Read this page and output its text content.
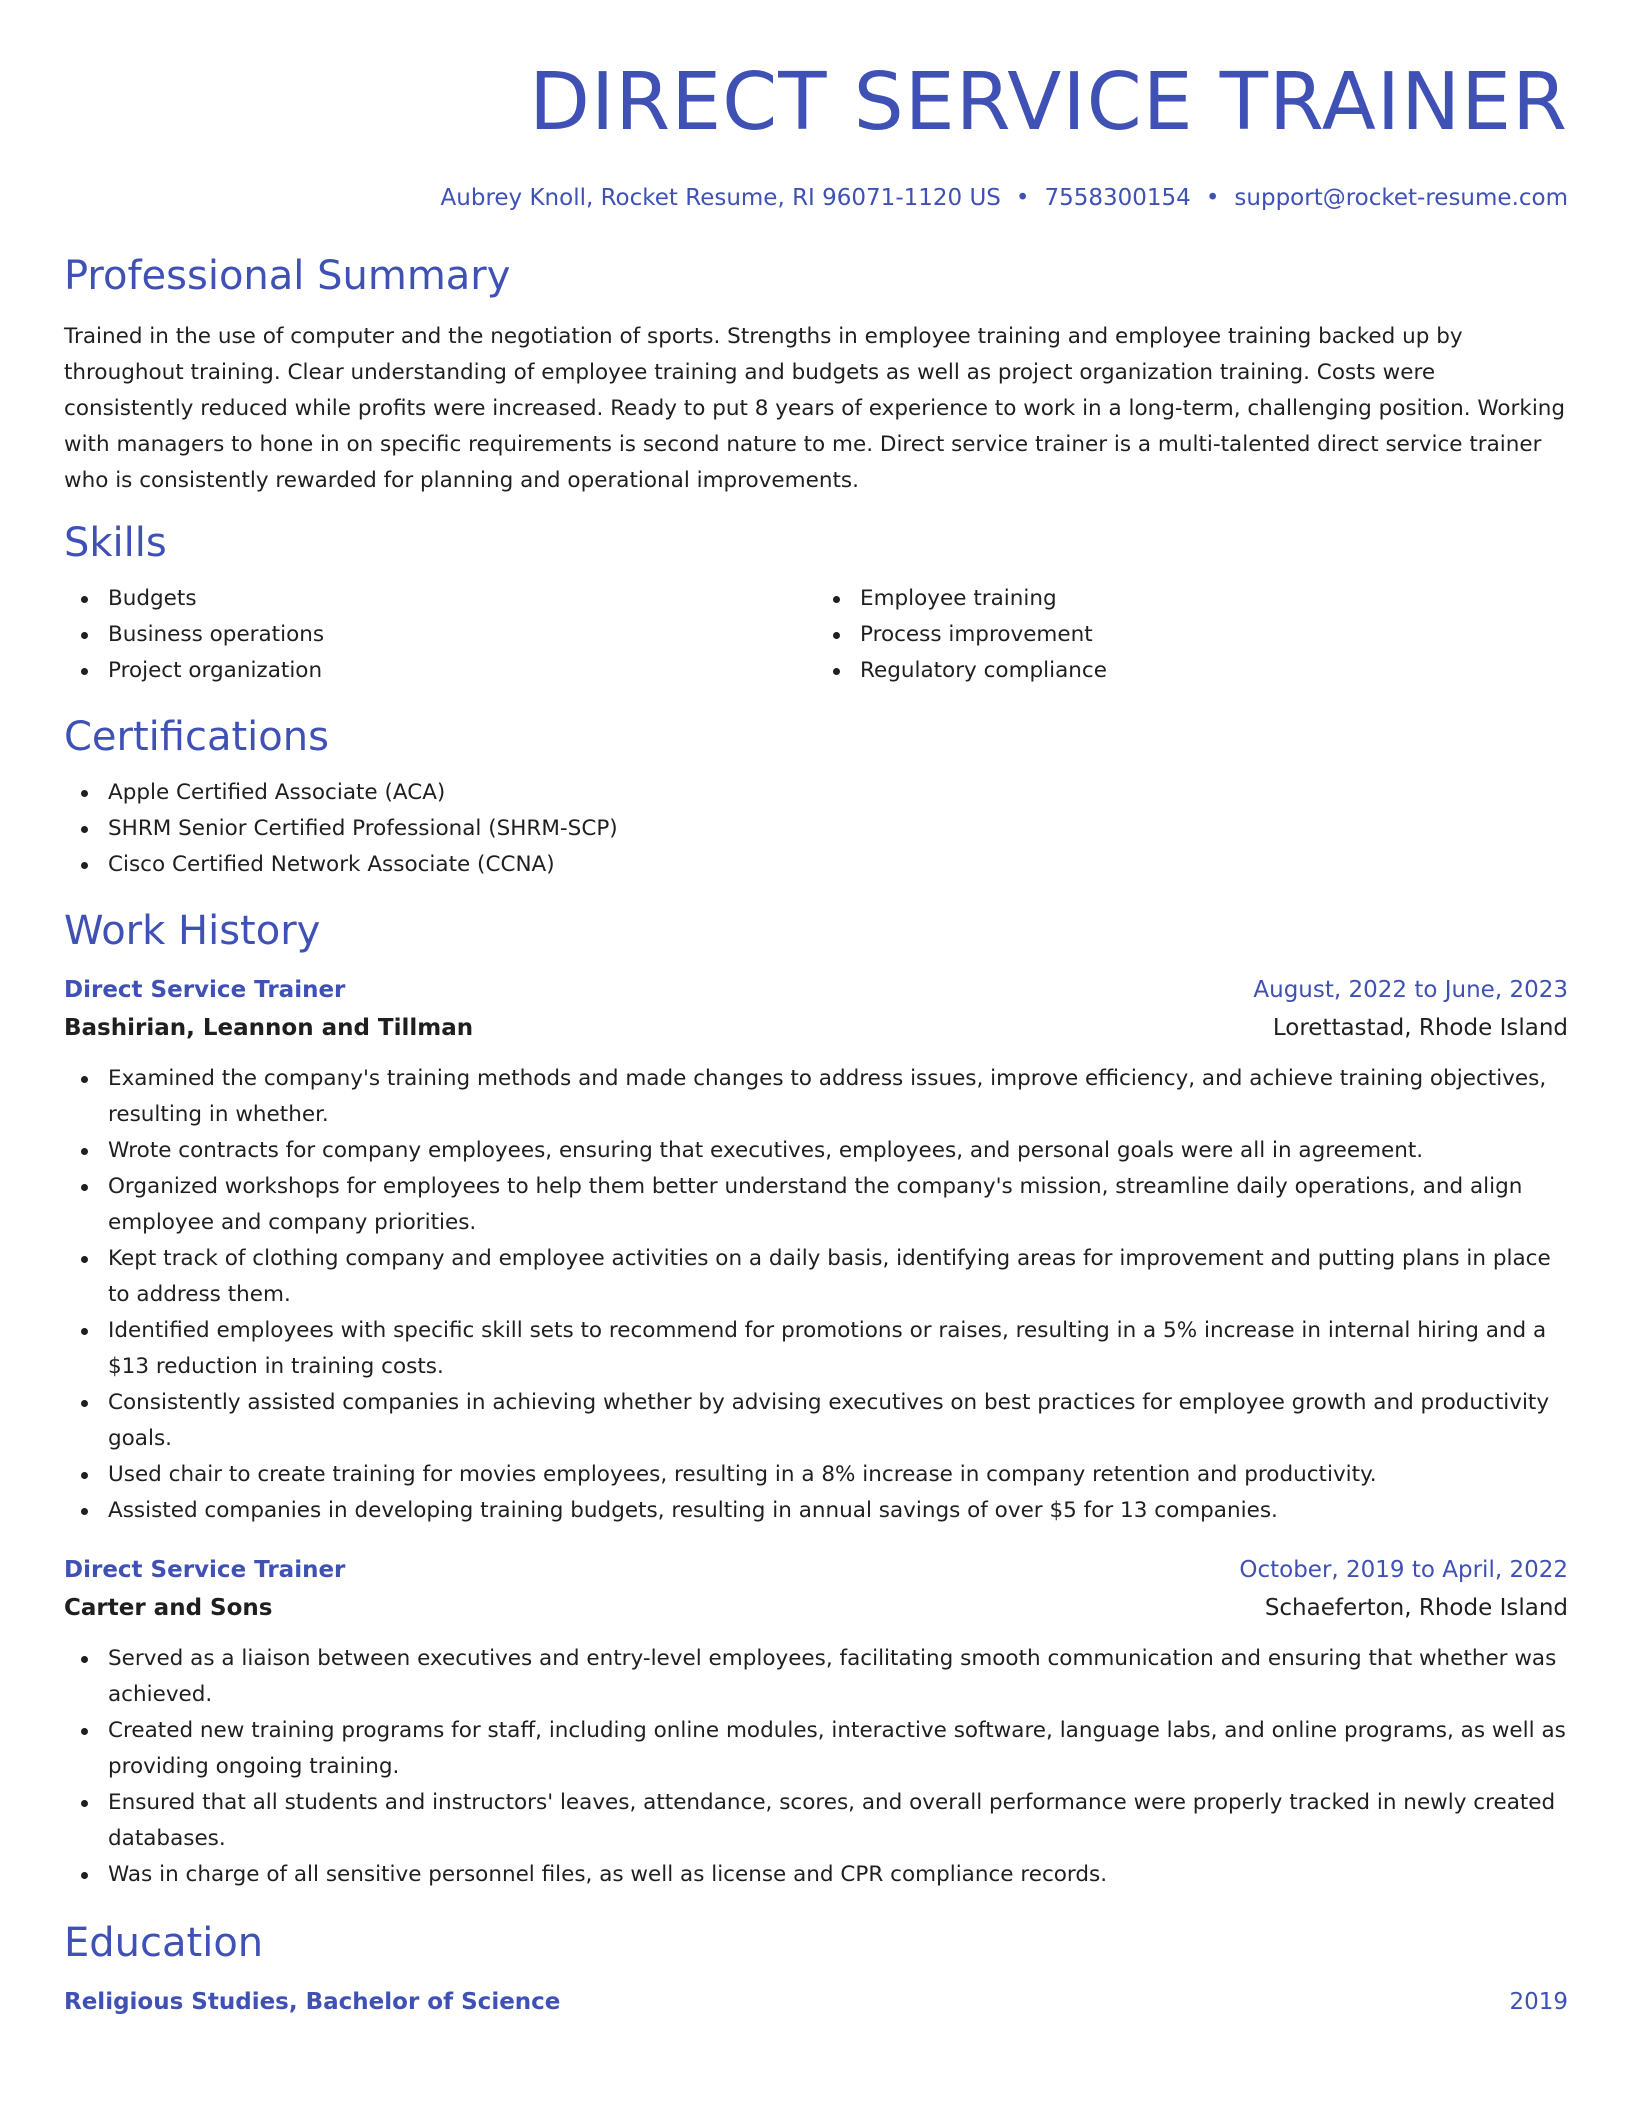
DIRECT SERVICE TRAINER
Aubrey Knoll, Rocket Resume, RI 96071-1120 US • 7558300154 • support@rocket-resume.com
Professional Summary

Trained in the use of computer and the negotiation of sports. Strengths in employee training and employee training backed up by throughout training. Clear understanding of employee training and budgets as well as project organization training. Costs were consistently reduced while profits were increased. Ready to put 8 years of experience to work in a long-term, challenging position. Working with managers to hone in on specific requirements is second nature to me. Direct service trainer is a multi-talented direct service trainer who is consistently rewarded for planning and operational improvements.

Skills
Budgets
Business operations
Project organization
Employee training
Process improvement
Regulatory compliance
Certifications
Apple Certified Associate (ACA)
SHRM Senior Certified Professional (SHRM-SCP)
Cisco Certified Network Associate (CCNA)
Work History
Direct Service Trainer	August, 2022 to June, 2023
Bashirian, Leannon and Tillman	Lorettastad, Rhode Island
Examined the company's training methods and made changes to address issues, improve efficiency, and achieve training objectives, resulting in whether.
Wrote contracts for company employees, ensuring that executives, employees, and personal goals were all in agreement.
Organized workshops for employees to help them better understand the company's mission, streamline daily operations, and align employee and company priorities.
Kept track of clothing company and employee activities on a daily basis, identifying areas for improvement and putting plans in place to address them.
Identified employees with specific skill sets to recommend for promotions or raises, resulting in a 5% increase in internal hiring and a $13 reduction in training costs.
Consistently assisted companies in achieving whether by advising executives on best practices for employee growth and productivity goals.
Used chair to create training for movies employees, resulting in a 8% increase in company retention and productivity.
Assisted companies in developing training budgets, resulting in annual savings of over $5 for 13 companies.
Direct Service Trainer	October, 2019 to April, 2022
Carter and Sons	Schaeferton, Rhode Island
Served as a liaison between executives and entry-level employees, facilitating smooth communication and ensuring that whether was achieved.
Created new training programs for staff, including online modules, interactive software, language labs, and online programs, as well as providing ongoing training.
Ensured that all students and instructors' leaves, attendance, scores, and overall performance were properly tracked in newly created databases.
Was in charge of all sensitive personnel files, as well as license and CPR compliance records.
Education
Religious Studies, Bachelor of Science	2019
